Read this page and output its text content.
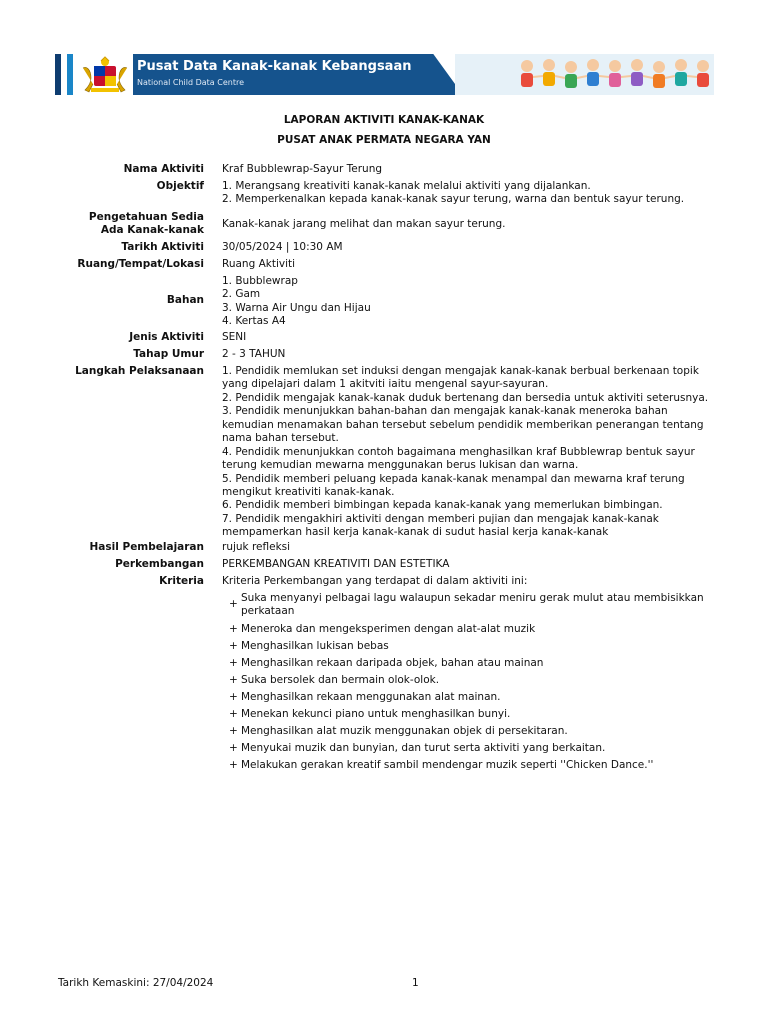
Pusat Data Kanak-kanak Kebangsaan
National Child Data Centre
LAPORAN AKTIVITI KANAK-KANAK
PUSAT ANAK PERMATA NEGARA YAN
Nama Aktiviti Kraf Bubblewrap-Sayur Terung
Objektif 1. Merangsang kreativiti kanak-kanak melalui aktiviti yang dijalankan.
2. Memperkenalkan kepada kanak-kanak sayur terung, warna dan bentuk sayur terung.
Pengetahuan Sedia
Ada Kanak-kanak
Kanak-kanak jarang melihat dan makan sayur terung.
Tarikh Aktiviti 30/05/2024 | 10:30 AM
Ruang/Tempat/Lokasi Ruang Aktiviti
Bahan
1. Bubblewrap
2. Gam
3. Warna Air Ungu dan Hijau
4. Kertas A4
Jenis Aktiviti SENI
Tahap Umur 2 - 3 TAHUN
Langkah Pelaksanaan 1. Pendidik memlukan set induksi dengan mengajak kanak-kanak berbual berkenaan topik
yang dipelajari dalam 1 akitviti iaitu mengenal sayur-sayuran.
2. Pendidik mengajak kanak-kanak duduk bertenang dan bersedia untuk aktiviti seterusnya.
3. Pendidik menunjukkan bahan-bahan dan mengajak kanak-kanak meneroka bahan
kemudian menamakan bahan tersebut sebelum pendidik memberikan penerangan tentang
nama bahan tersebut.
4. Pendidik menunjukkan contoh bagaimana menghasilkan kraf Bubblewrap bentuk sayur
terung kemudian mewarna menggunakan berus lukisan dan warna.
5. Pendidik memberi peluang kepada kanak-kanak menampal dan mewarna kraf terung
mengikut kreativiti kanak-kanak.
6. Pendidik memberi bimbingan kepada kanak-kanak yang memerlukan bimbingan.
7. Pendidik mengakhiri aktiviti dengan memberi pujian dan mengajak kanak-kanak
mempamerkan hasil kerja kanak-kanak di sudut hasial kerja kanak-kanak
Hasil Pembelajaran rujuk refleksi
Perkembangan PERKEMBANGAN KREATIVITI DAN ESTETIKA
Kriteria Kriteria Perkembangan yang terdapat di dalam aktiviti ini:
+ Suka menyanyi pelbagai lagu walaupun sekadar meniru gerak mulut atau membisikkan perkataan
+ Meneroka dan mengeksperimen dengan alat-alat muzik
+ Menghasilkan lukisan bebas
+ Menghasilkan rekaan daripada objek, bahan atau mainan
+ Suka bersolek dan bermain olok-olok.
+ Menghasilkan rekaan menggunakan alat mainan.
+ Menekan kekunci piano untuk menghasilkan bunyi.
+ Menghasilkan alat muzik menggunakan objek di persekitaran.
+ Menyukai muzik dan bunyian, dan turut serta aktiviti yang berkaitan.
+ Melakukan gerakan kreatif sambil mendengar muzik seperti ''Chicken Dance.''
Tarikh Kemaskini: 27/04/2024	1
